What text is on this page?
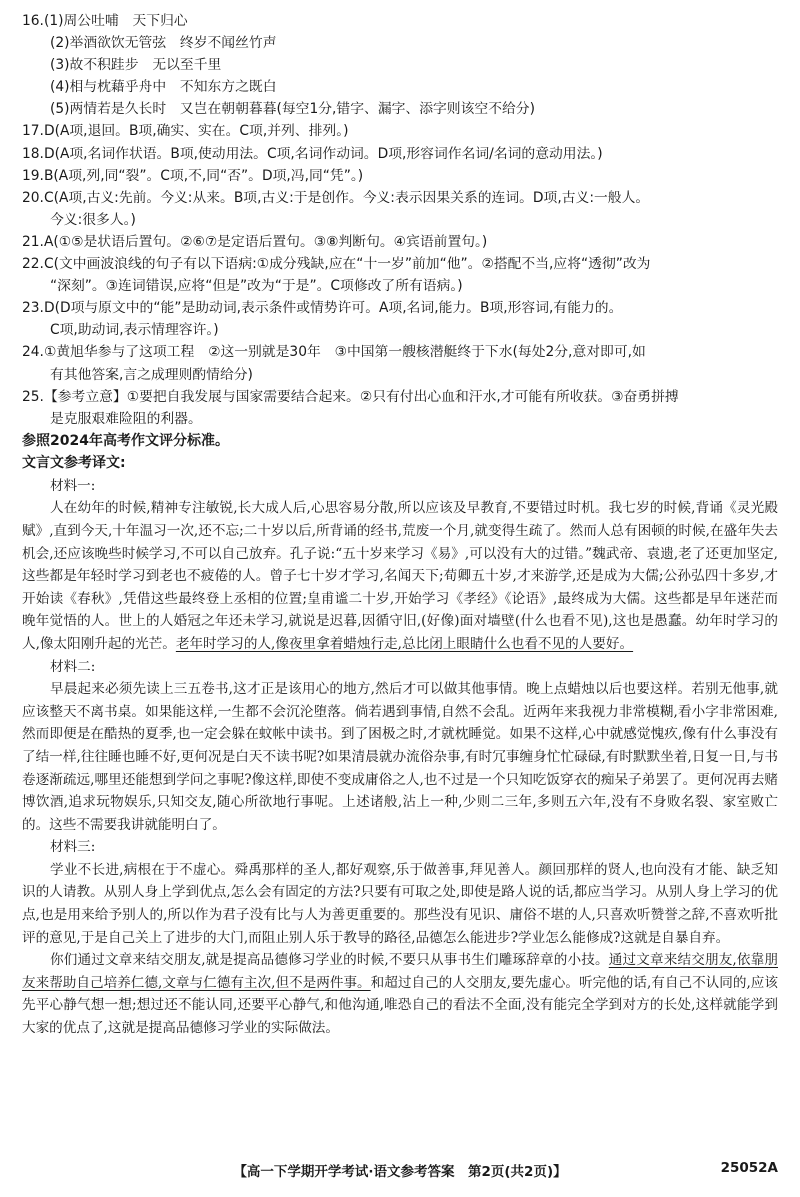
16.(1)周公吐哺　天下归心
(2)举酒欲饮无管弦　终岁不闻丝竹声
(3)故不积跬步　无以至千里
(4)相与枕藉乎舟中　不知东方之既白
(5)两情若是久长时　又岂在朝朝暮暮(每空1分,错字、漏字、添字则该空不给分)
17.D(A项,退回。B项,确实、实在。C项,并列、排列。)
18.D(A项,名词作状语。B项,使动用法。C项,名词作动词。D项,形容词作名词/名词的意动用法。)
19.B(A项,列,同“裂”。C项,不,同“否”。D项,冯,同“凭”。)
20.C(A项,古义:先前。今义:从来。B项,古义:于是创作。今义:表示因果关系的连词。D项,古义:一般人。
今义:很多人。)
21.A(①⑤是状语后置句。②⑥⑦是定语后置句。③⑧判断句。④宾语前置句。)
22.C(文中画波浪线的句子有以下语病:①成分残缺,应在“十一岁”前加“他”。②搭配不当,应将“透彻”改为
“深刻”。③连词错误,应将“但是”改为“于是”。C项修改了所有语病。)
23.D(D项与原文中的“能”是助动词,表示条件或情势许可。A项,名词,能力。B项,形容词,有能力的。
C项,助动词,表示情理容许。)
24.①黄旭华参与了这项工程　②这一别就是30年　③中国第一艘核潜艇终于下水(每处2分,意对即可,如
有其他答案,言之成理则酌情给分)
25.【参考立意】①要把自我发展与国家需要结合起来。②只有付出心血和汗水,才可能有所收获。③奋勇拼搏
是克服艰难险阻的利器。
参照2024年高考作文评分标准。
文言文参考译文:
材料一:

人在幼年的时候,精神专注敏锐,长大成人后,心思容易分散,所以应该及早教育,不要错过时机。我七岁的时候,背诵《灵光殿赋》,直到今天,十年温习一次,还不忘;二十岁以后,所背诵的经书,荒废一个月,就变得生疏了。然而人总有困顿的时候,在盛年失去机会,还应该晚些时候学习,不可以自己放弃。孔子说:“五十岁来学习《易》,可以没有大的过错。”魏武帝、袁遗,老了还更加坚定,这些都是年轻时学习到老也不疲倦的人。曾子七十岁才学习,名闻天下;荀卿五十岁,才来游学,还是成为大儒;公孙弘四十多岁,才开始读《春秋》,凭借这些最终登上丞相的位置;皇甫谧二十岁,开始学习《孝经》《论语》,最终成为大儒。这些都是早年迷茫而晚年觉悟的人。世上的人婚冠之年还未学习,就说是迟暮,因循守旧,(好像)面对墙壁(什么也看不见),这也是愚蠢。幼年时学习的人,像太阳刚升起的光芒。老年时学习的人,像夜里拿着蜡烛行走,总比闭上眼睛什么也看不见的人要好。

材料二:

早晨起来必须先读上三五卷书,这才正是该用心的地方,然后才可以做其他事情。晚上点蜡烛以后也要这样。若别无他事,就应该整天不离书桌。如果能这样,一生都不会沉沦堕落。倘若遇到事情,自然不会乱。近两年来我视力非常模糊,看小字非常困难,然而即便是在酷热的夏季,也一定会躲在蚊帐中读书。到了困极之时,才就枕睡觉。如果不这样,心中就感觉愧疚,像有什么事没有了结一样,往往睡也睡不好,更何况是白天不读书呢?如果清晨就办流俗杂事,有时冗事缠身忙忙碌碌,有时默默坐着,日复一日,与书卷逐渐疏远,哪里还能想到学问之事呢?像这样,即使不变成庸俗之人,也不过是一个只知吃饭穿衣的痴呆子弟罢了。更何况再去赌博饮酒,追求玩物娱乐,只知交友,随心所欲地行事呢。上述诸般,沾上一种,少则二三年,多则五六年,没有不身败名裂、家室败亡的。这些不需要我讲就能明白了。

材料三:

学业不长进,病根在于不虚心。舜禹那样的圣人,都好观察,乐于做善事,拜见善人。颜回那样的贤人,也向没有才能、缺乏知识的人请教。从别人身上学到优点,怎么会有固定的方法?只要有可取之处,即使是路人说的话,都应当学习。从别人身上学习的优点,也是用来给予别人的,所以作为君子没有比与人为善更重要的。那些没有见识、庸俗不堪的人,只喜欢听赞誉之辞,不喜欢听批评的意见,于是自己关上了进步的大门,而阻止别人乐于教导的路径,品德怎么能进步?学业怎么能修成?这就是自暴自弃。

你们通过文章来结交朋友,就是提高品德修习学业的时候,不要只从事书生们雕琢辞章的小技。通过文章来结交朋友,依靠朋友来帮助自己培养仁德,文章与仁德有主次,但不是两件事。和超过自己的人交朋友,要先虚心。听完他的话,有自己不认同的,应该先平心静气想一想;想过还不能认同,还要平心静气,和他沟通,唯恐自己的看法不全面,没有能完全学到对方的长处,这样就能学到大家的优点了,这就是提高品德修习学业的实际做法。

【高一下学期开学考试·语文参考答案　第2页(共2页)】	25052A
